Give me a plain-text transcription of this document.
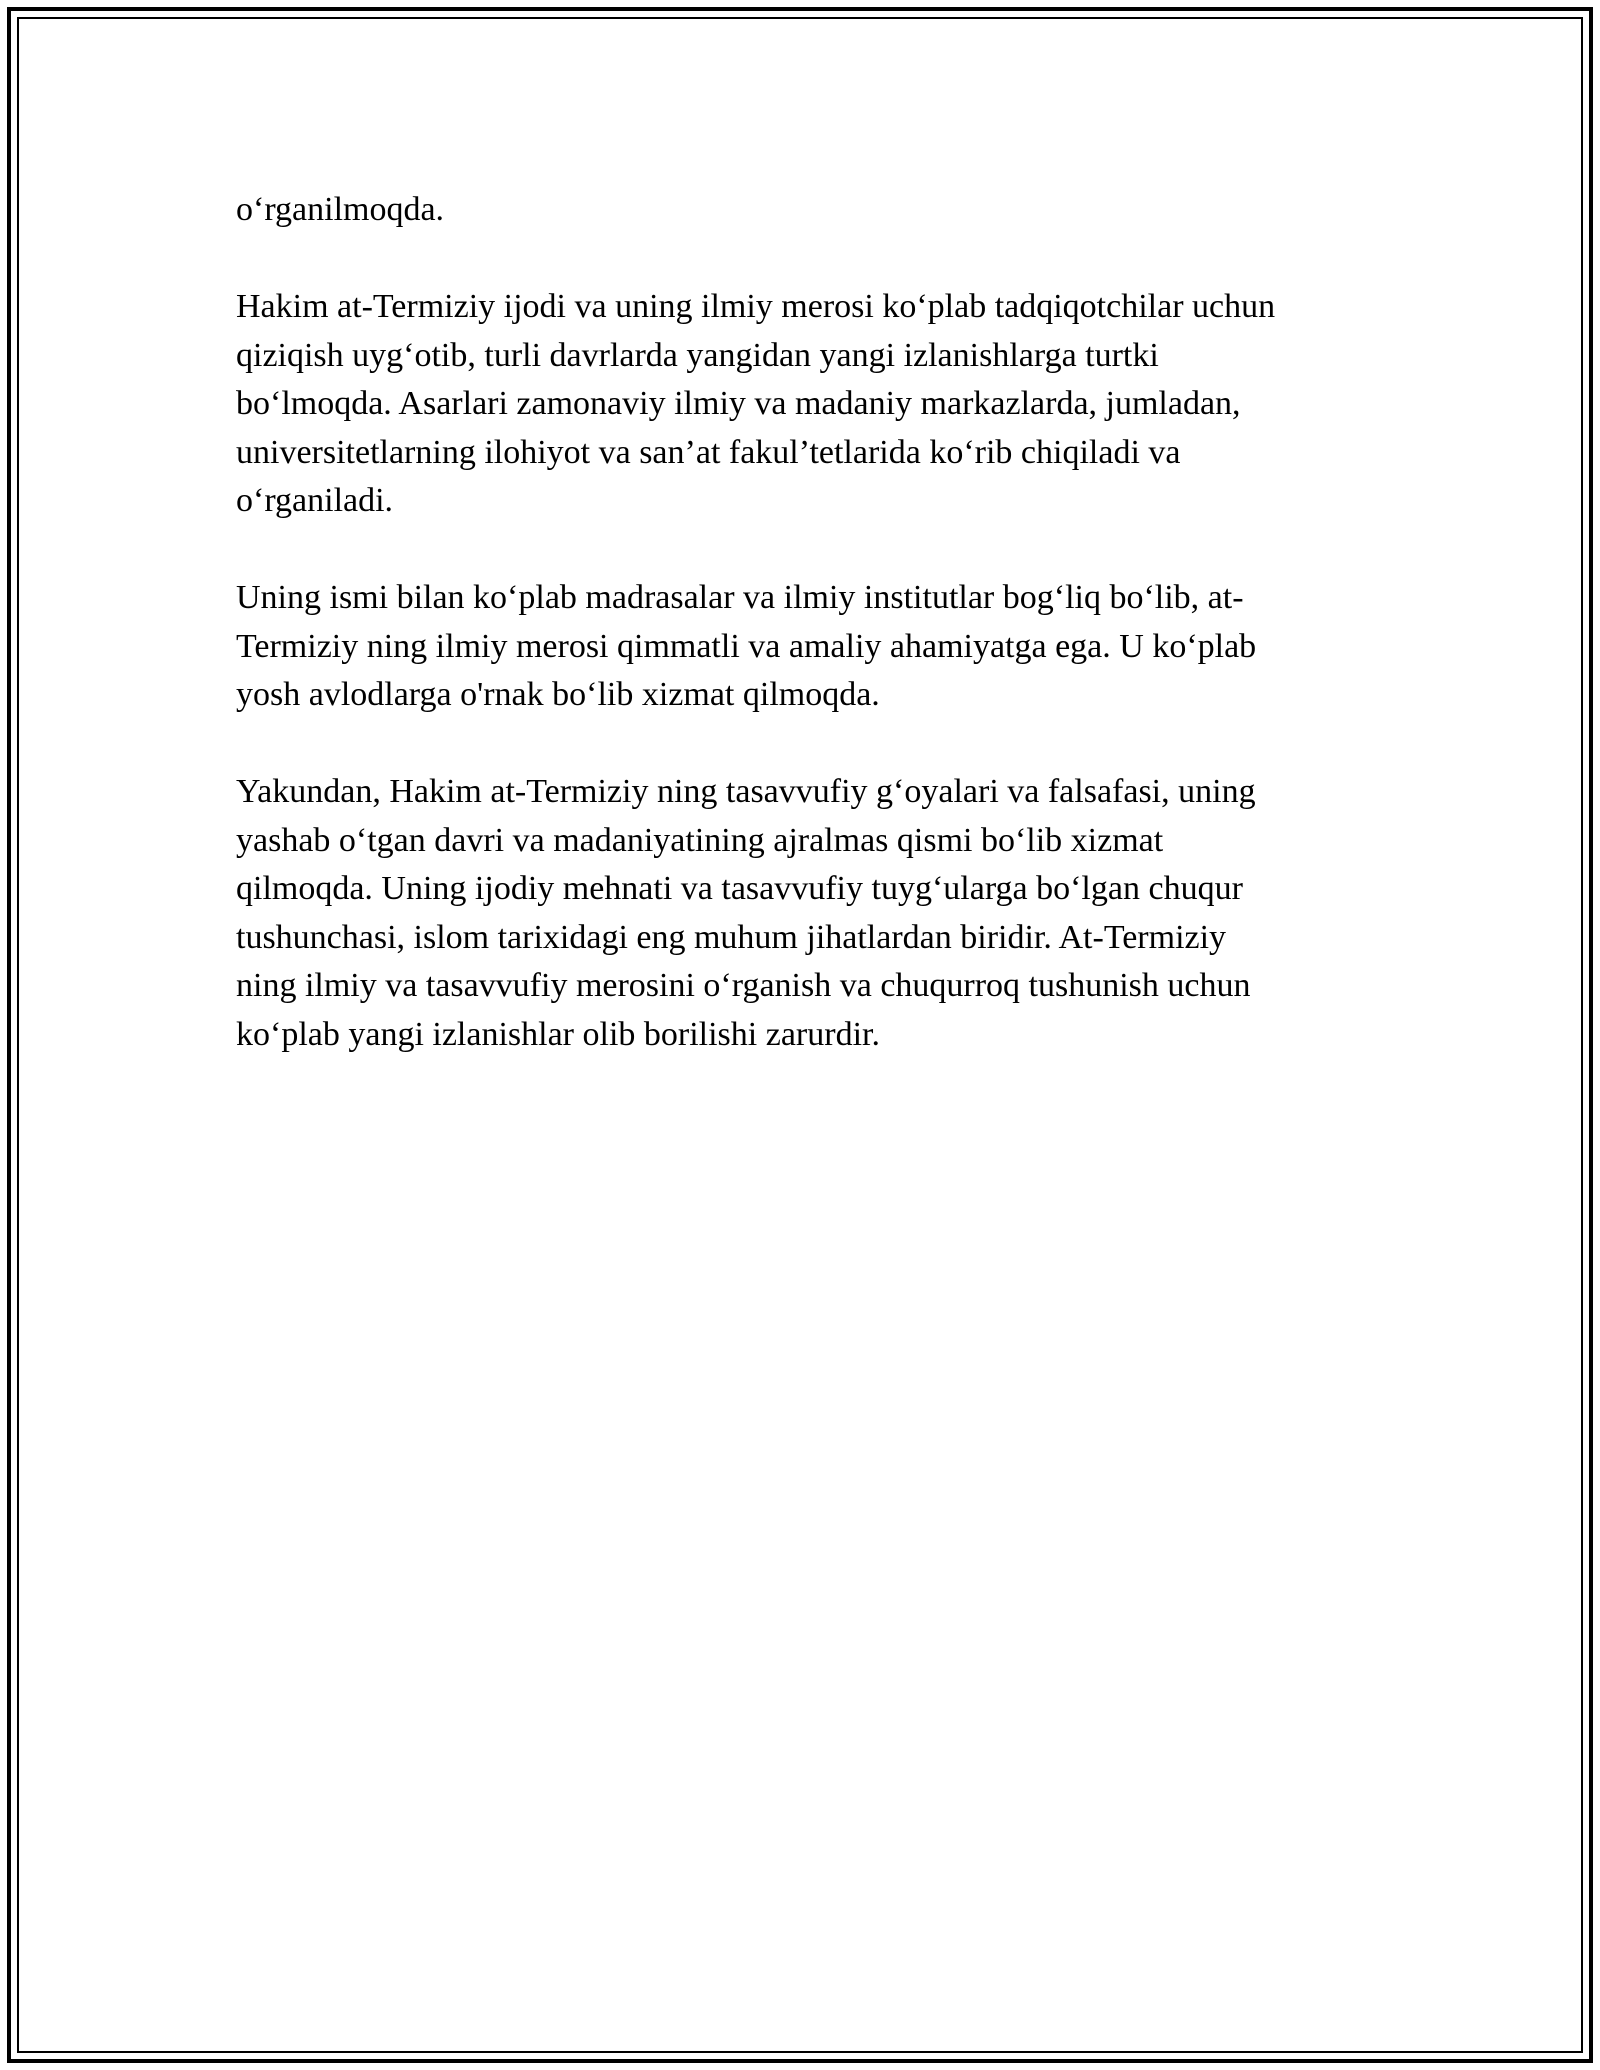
o‘rganilmoqda.

Hakim at-Termiziy ijodi va uning ilmiy merosi ko‘plab tadqiqotchilar uchun
qiziqish uyg‘otib, turli davrlarda yangidan yangi izlanishlarga turtki
bo‘lmoqda. Asarlari zamonaviy ilmiy va madaniy markazlarda, jumladan,
universitetlarning ilohiyot va san’at fakul’tetlarida ko‘rib chiqiladi va
o‘rganiladi.

Uning ismi bilan ko‘plab madrasalar va ilmiy institutlar bog‘liq bo‘lib, at-
Termiziy ning ilmiy merosi qimmatli va amaliy ahamiyatga ega. U ko‘plab
yosh avlodlarga o'rnak bo‘lib xizmat qilmoqda.

Yakundan, Hakim at-Termiziy ning tasavvufiy g‘oyalari va falsafasi, uning
yashab o‘tgan davri va madaniyatining ajralmas qismi bo‘lib xizmat
qilmoqda. Uning ijodiy mehnati va tasavvufiy tuyg‘ularga bo‘lgan chuqur
tushunchasi, islom tarixidagi eng muhum jihatlardan biridir. At-Termiziy
ning ilmiy va tasavvufiy merosini o‘rganish va chuqurroq tushunish uchun
ko‘plab yangi izlanishlar olib borilishi zarurdir.
